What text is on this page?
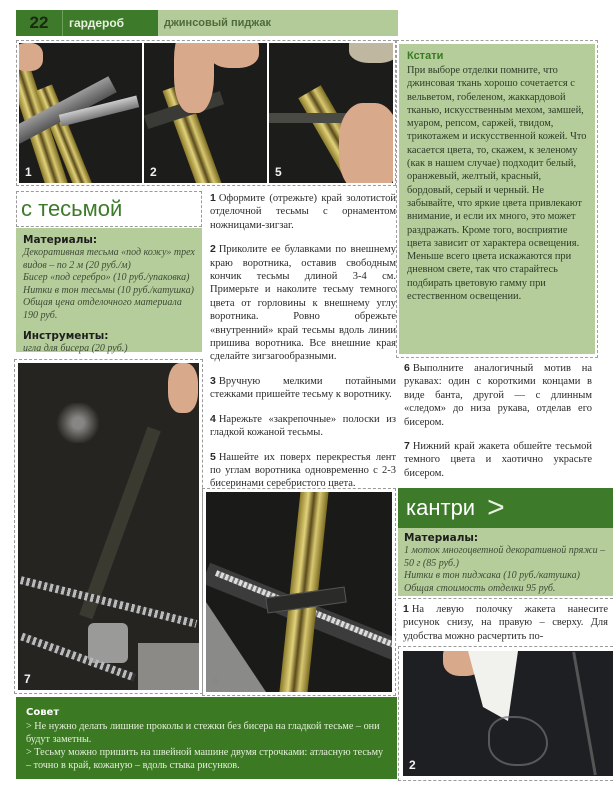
22	гардероб	джинсовый пиджак
1	2	5
Кстати
При выборе отделки помните, что джинсовая ткань хорошо сочетается с вельветом, гобеленом, жаккардовой тканью, искусственным мехом, замшей, муаром, репсом, саржей, твидом, трикотажем и искусственной кожей. Что касается цвета, то, скажем, к зеленому (как в нашем случае) подходит белый, оранжевый, желтый, красный, бордовый, серый и черный. Не забывайте, что яркие цвета привлекают внимание, и если их много, это может раздражать. Кроме того, восприятие цвета зависит от характера освещения. Меньше всего цвета искажаются при дневном свете, так что старайтесь подбирать цветовую гамму при естественном освещении.
с тесьмой
Материалы:
Декоративная тесьма «под кожу» трех видов – по 2 м (20 руб./м)
Бисер «под серебро» (10 руб./упаковка)
Нитки в тон тесьмы (10 руб./катушка)
Общая цена отделочного материала 190 руб.
Инструменты:
игла для бисера (20 руб.)

1 Оформите (отрежьте) край золотистой отделочной тесьмы с орнаментом ножницами-зигзаг.

2 Приколите ее булавками по внешнему краю воротника, оставив свободным кончик тесьмы длиной 3-4 см. Примерьте и наколите тесьму темного цвета от горловины к внешнему углу воротника. Ровно обрежьте «внутренний» край тесьмы вдоль линии пришива воротника. Все внешние края сделайте зигзагообразными.

3 Вручную мелкими потайными стежками пришейте тесьму к воротнику.

4 Нарежьте «закрепочные» полоски из гладкой кожаной тесьмы.

5 Нашейте их поверх перекрестья лент по углам воротника одновременно с 2-3 бисеринами серебристого цвета.

6 Выполните аналогичный мотив на рукавах: один с короткими концами в виде банта, другой — с длинным «следом» до низа рукава, отделав его бисером.

7 Нижний край жакета обшейте тесьмой темного цвета и хаотично украсьте бисером.

7	6
кантри >
Материалы:
1 моток многоцветной декоративной пряжи – 50 г (85 руб.)
Нитки в тон пиджака (10 руб./катушка)
Общая стоимость отделки 95 руб.

1 На левую полочку жакета нанесите рисунок снизу, на правую – сверху. Для удобства можно расчертить по-

2
Совет
> Не нужно делать лишние проколы и стежки без бисера на гладкой тесьме – они будут заметны.
> Тесьму можно пришить на швейной машине двумя строчками: атласную тесьму – точно в край, кожаную – вдоль стыка рисунков.
